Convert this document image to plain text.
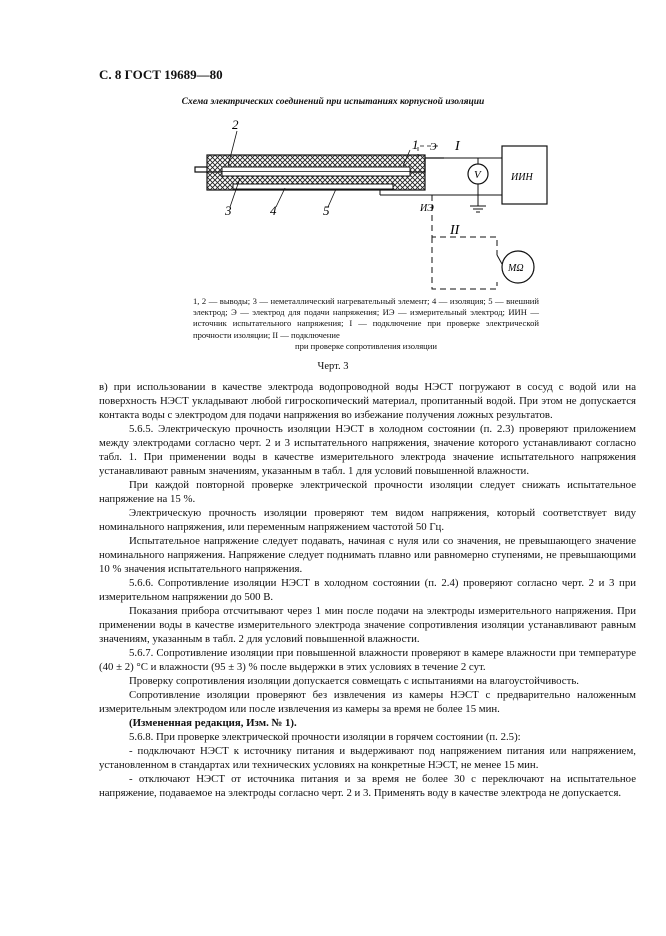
С. 8 ГОСТ 19689—80
Схема электрических соединений при испытаниях корпусной изоляции
2
1 Э I
V	ИИН
ИЭ
3	4	5
II
МΩ
1, 2 — выводы; 3 — неметаллический нагревательный элемент; 4 — изоляция; 5 — внешний электрод; Э — электрод для подачи напряжения; ИЭ — измерительный электрод; ИИН — источник испытательного напряжения; I — подключение при проверке электрической прочности изоляции; II — подключение
при проверке сопротивления изоляции
Черт. 3

в) при использовании в качестве электрода водопроводной воды НЭСТ погружают в сосуд с водой или на поверхность НЭСТ укладывают любой гигроскопический материал, пропитанный водой. При этом не допускается контакта воды с электродом для подачи напряжения во избежание получения ложных результатов.

5.6.5. Электрическую прочность изоляции НЭСТ в холодном состоянии (п. 2.3) проверяют приложением между электродами согласно черт. 2 и 3 испытательного напряжения, значение которого устанавливают согласно табл. 1. При применении воды в качестве измерительного электрода значение испытательного напряжения устанавливают равным значениям, указанным в табл. 1 для условий повышенной влажности.

При каждой повторной проверке электрической прочности изоляции следует снижать испытательное напряжение на 15 %.

Электрическую прочность изоляции проверяют тем видом напряжения, который соответствует виду номинального напряжения, или переменным напряжением частотой 50 Гц.

Испытательное напряжение следует подавать, начиная с нуля или со значения, не превышающего значение номинального напряжения. Напряжение следует поднимать плавно или равномерно ступенями, не превышающими 10 % значения испытательного напряжения.

5.6.6. Сопротивление изоляции НЭСТ в холодном состоянии (п. 2.4) проверяют согласно черт. 2 и 3 при измерительном напряжении до 500 В.

Показания прибора отсчитывают через 1 мин после подачи на электроды измерительного напряжения. При применении воды в качестве измерительного электрода значение сопротивления изоляции устанавливают равным значениям, указанным в табл. 2 для условий повышенной влажности.

5.6.7. Сопротивление изоляции при повышенной влажности проверяют в камере влажности при температуре (40 ± 2) °С и влажности (95 ± 3) % после выдержки в этих условиях в течение 2 сут.

Проверку сопротивления изоляции допускается совмещать с испытаниями на влагоустойчивость.

Сопротивление изоляции проверяют без извлечения из камеры НЭСТ с предварительно наложенным измерительным электродом или после извлечения из камеры за время не более 15 мин.

(Измененная редакция, Изм. № 1).

5.6.8. При проверке электрической прочности изоляции в горячем состоянии (п. 2.5):

- подключают НЭСТ к источнику питания и выдерживают под напряжением питания или напряжением, установленном в стандартах или технических условиях на конкретные НЭСТ, не менее 15 мин.

- отключают НЭСТ от источника питания и за время не более 30 с переключают на испытательное напряжение, подаваемое на электроды согласно черт. 2 и 3. Применять воду в качестве электрода не допускается.
